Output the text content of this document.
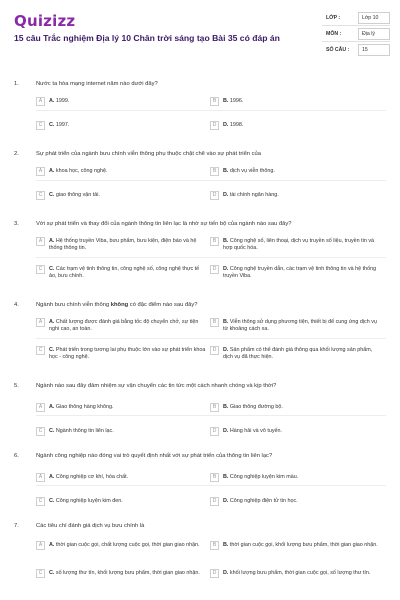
Quizizz
15 câu Trắc nghiệm Địa lý 10 Chân trời sáng tạo Bài 35 có đáp án
LỚP :	Lớp 10
MÔN :	Địa lý
SỐ CÂU :	15
1.	Nước ta hòa mạng internet năm nào dưới đây?
A	A. 1999.	B	B. 1996.
C	C. 1997.	D	D. 1998.
2.	Sự phát triển của ngành bưu chính viễn thông phụ thuộc chặt chẽ vào sự phát triển của
A	A. khoa học, công nghệ.	B	B. dịch vụ viễn thông.
C	C. giao thông vận tải.	D	D. tài chính ngân hàng.
3.	Với sự phát triển và thay đổi của ngành thông tin liên lạc là nhờ sự tiến bộ của ngành nào sau đây?
A	A. Hệ thống truyền Viba, bưu phẩm, bưu kiện, điện báo và hệ thống thông tin.
B	B. Công nghệ số, liên thoại, dịch vụ truyền số liệu, truyền tin và hợp quốc hóa.
C	C. Các trạm vệ tinh thông tin, công nghệ số, công nghệ thực tế ảo, bưu chính.
D	D. Công nghệ truyền dẫn, các trạm vệ tinh thông tin và hệ thống truyền Viba.
4.	Ngành bưu chính viễn thông không có đặc điểm nào sau đây?
A	A. Chất lượng được đánh giá bằng tốc độ chuyển chở, sự tiện nghi cao, an toàn.
B	B. Viễn thông sử dụng phương tiện, thiết bị để cung ứng dịch vụ từ khoảng cách xa.
C	C. Phát triển trong tương lai phụ thuộc lớn vào sự phát triển khoa học - công nghệ.
D	D. Sản phẩm có thể đánh giá thông qua khối lượng sản phẩm, dịch vụ đã thực hiện.
5.	Ngành nào sau đây đảm nhiệm sự vận chuyển các tin tức một cách nhanh chóng và kịp thời?
A	A. Giao thông hàng không.	B	B. Giao thông đường bộ.
C	C. Ngành thông tin liên lạc.	D	D. Hàng hải và vô tuyến.
6.	Ngành công nghiệp nào đóng vai trò quyết định nhất với sự phát triển của thông tin liên lạc?
A	A. Công nghiệp cơ khí, hóa chất.	B	B. Công nghiệp luyện kim màu.
C	C. Công nghiệp luyện kim đen.	D	D. Công nghiệp điện tử tin học.
7.	Các tiêu chí đánh giá dịch vụ bưu chính là
A	A. thời gian cuộc gọi, chất lượng cuộc gọi, thời gian giao nhận.	B	B. thời gian cuộc gọi, khối lượng bưu phẩm, thời gian giao nhận.
C	C. số lượng thư tín, khối lượng bưu phẩm, thời gian giao nhận.	D	D. khối lượng bưu phẩm, thời gian cuộc gọi, số lượng thư tín.
